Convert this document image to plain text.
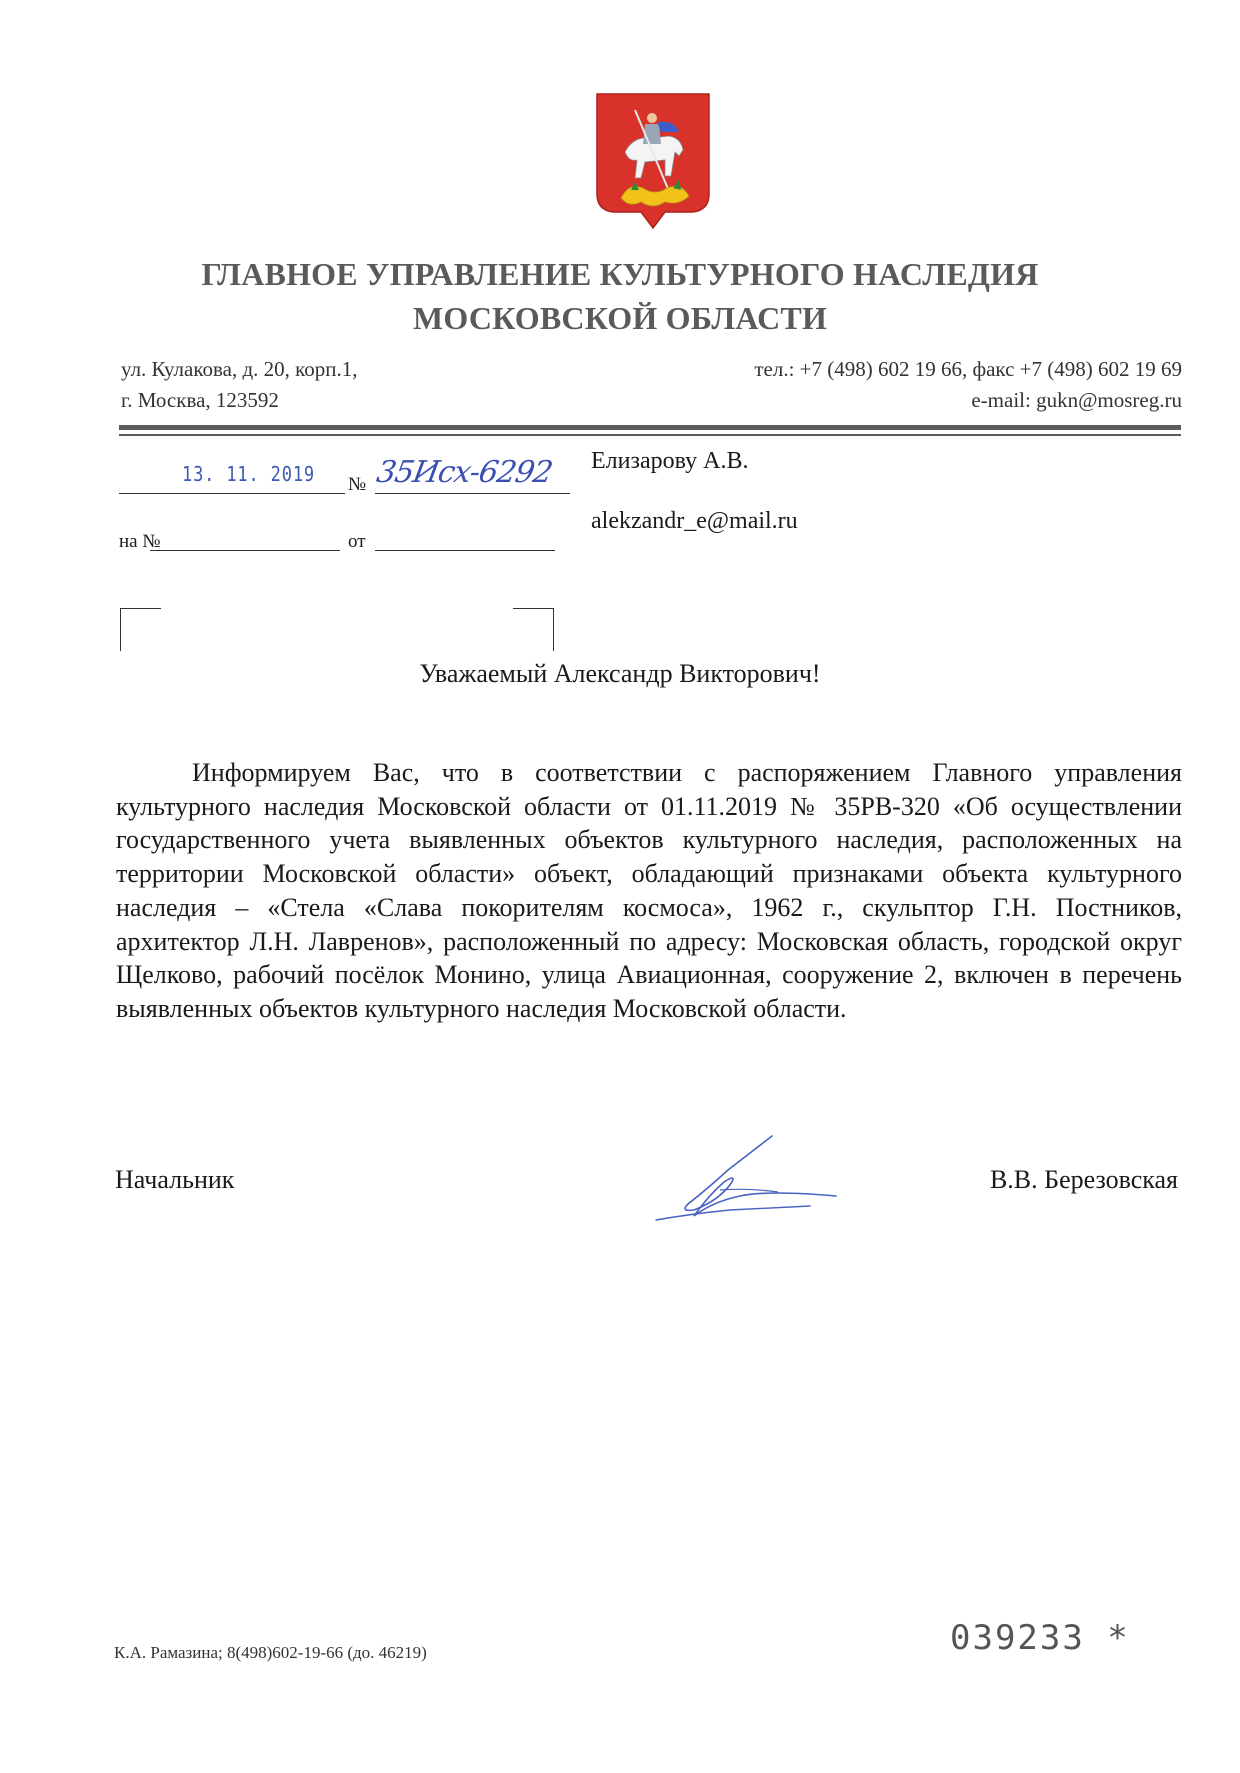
ГЛАВНОЕ УПРАВЛЕНИЕ КУЛЬТУРНОГО НАСЛЕДИЯ
МОСКОВСКОЙ ОБЛАСТИ
ул. Кулакова, д. 20, корп.1,
г. Москва, 123592
тел.: +7 (498) 602 19 66, факс +7 (498) 602 19 69
e-mail: gukn@mosreg.ru
13. 11. 2019 № 35Исх-6292
на №	от
Елизарову А.В.
alekzandr_e@mail.ru
Уважаемый Александр Викторович!

Информируем Вас, что в соответствии с распоряжением Главного управления культурного наследия Московской области от 01.11.2019 № 35РВ-320 «Об осуществлении государственного учета выявленных объектов культурного наследия, расположенных на территории Московской области» объект, обладающий признаками объекта культурного наследия – «Стела «Слава покорителям космоса», 1962 г., скульптор Г.Н. Постников, архитектор Л.Н. Лавренов», расположенный по адресу: Московская область, городской округ Щелково, рабочий посёлок Монино, улица Авиационная, сооружение 2, включен в перечень выявленных объектов культурного наследия Московской области.

Начальник	В.В. Березовская
039233 *
К.А. Рамазина; 8(498)602-19-66 (до. 46219)
